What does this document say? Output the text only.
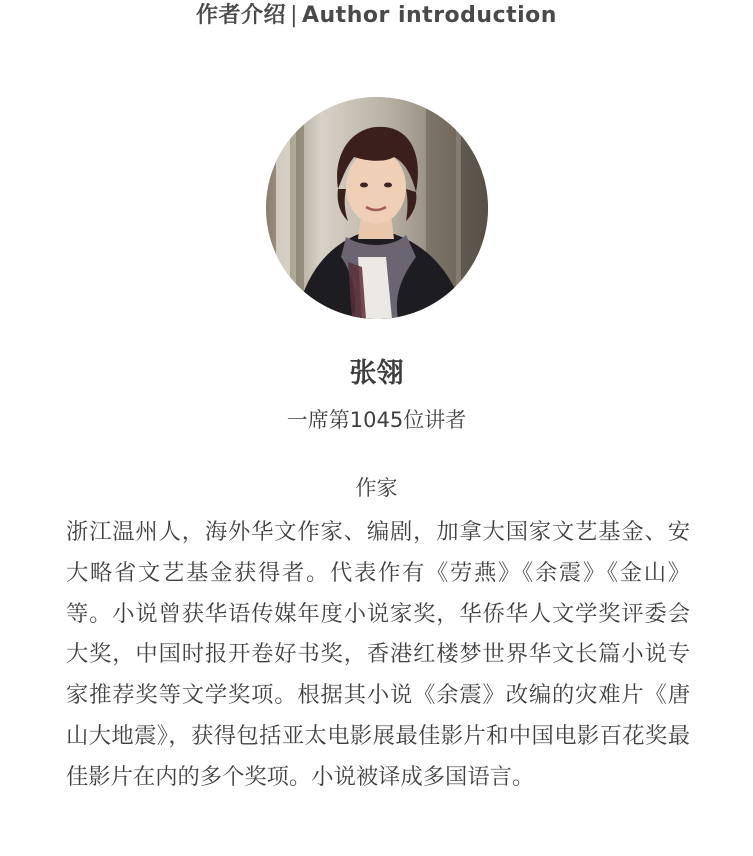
作者介绍 | Author introduction
张翎
一席第1045位讲者
作家

浙江温州人，海外华文作家、编剧，加拿大国家文艺基金、安大略省文艺基金获得者。代表作有《劳燕》《余震》《金山》等。小说曾获华语传媒年度小说家奖，华侨华人文学奖评委会大奖，中国时报开卷好书奖，香港红楼梦世界华文长篇小说专家推荐奖等文学奖项。根据其小说《余震》改编的灾难片《唐山大地震》，获得包括亚太电影展最佳影片和中国电影百花奖最佳影片在内的多个奖项。小说被译成多国语言。
